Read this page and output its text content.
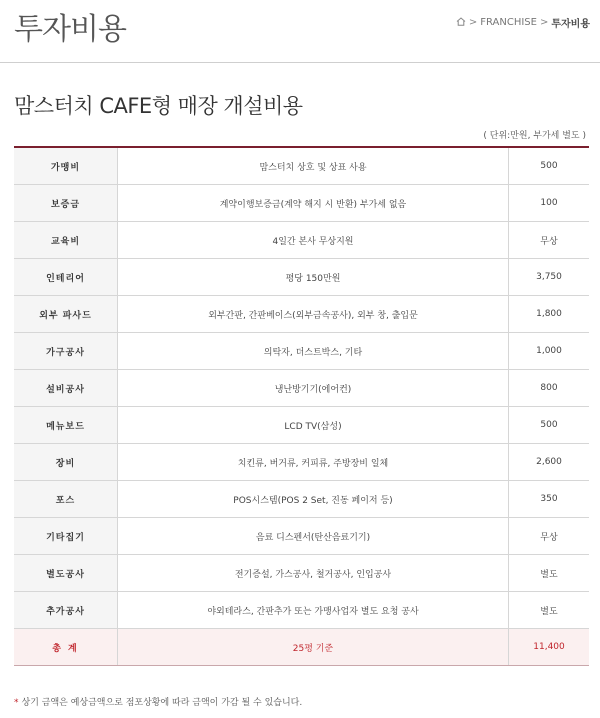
투자비용	> FRANCHISE > 투자비용
맘스터치 CAFE형 매장 개설비용
( 단위:만원, 부가세 별도 )
가맹비	맘스터치 상호 및 상표 사용	500
보증금	계약이행보증금(계약 해지 시 반환) 부가세 없음	100
교육비	4일간 본사 무상지원	무상
인테리어	평당 150만원	3,750
외부 파사드	외부간판, 간판베이스(외부금속공사), 외부 창, 출입문	1,800
가구공사	의탁자, 더스트박스, 기타	1,000
설비공사	냉난방기기(에어컨)	800
메뉴보드	LCD TV(삼성)	500
장비	치킨류, 버거류, 커피류, 주방장비 일체	2,600
포스	POS시스템(POS 2 Set, 진동 페이저 등)	350
기타집기	음료 디스펜서(탄산음료기기)	무상
별도공사	전기증설, 가스공사, 철거공사, 인입공사	별도
추가공사	야외테라스, 간판추가 또는 가맹사업자 별도 요청 공사	별도
총 계	25평 기준	11,400
* 상기 금액은 예상금액으로 점포상황에 따라 금액이 가감 될 수 있습니다.
